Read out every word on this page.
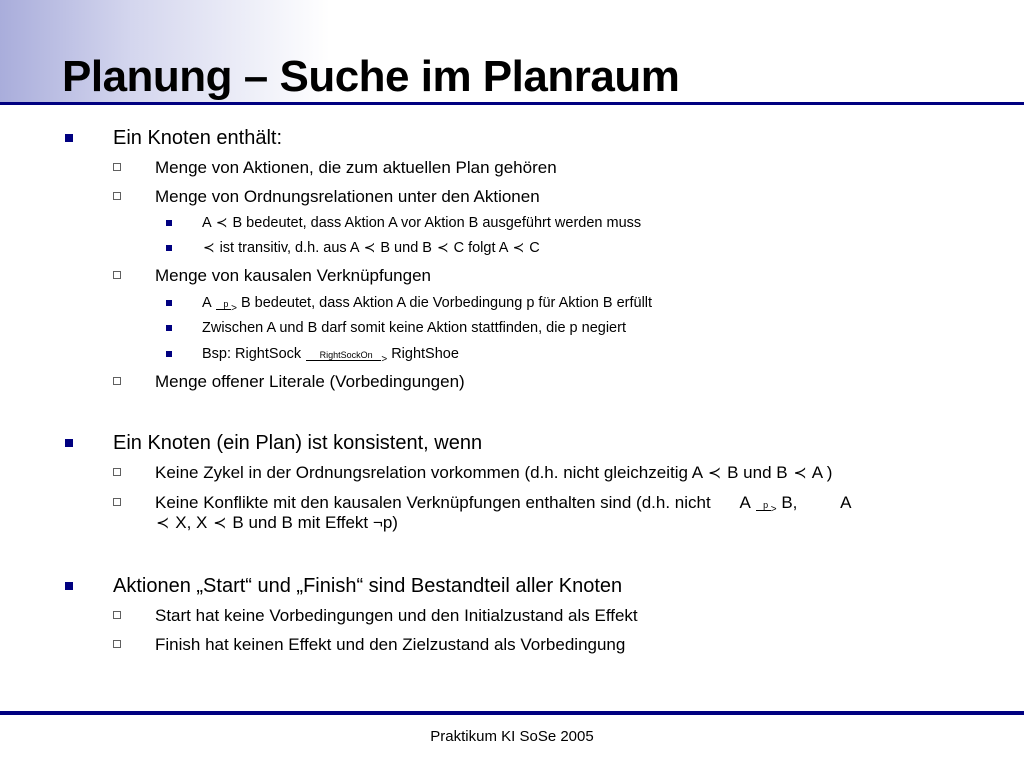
Planung – Suche im Planraum
Ein Knoten enthält:
Menge von Aktionen, die zum aktuellen Plan gehören
Menge von Ordnungsrelationen unter den Aktionen
A ≺ B bedeutet, dass Aktion A vor Aktion B ausgeführt werden muss
≺ ist transitiv, d.h. aus A ≺ B und B ≺ C folgt A ≺ C
Menge von kausalen Verknüpfungen
A	p > B bedeutet, dass Aktion A die Vorbedingung p für Aktion B erfüllt
Zwischen A und B darf somit keine Aktion stattfinden, die p negiert
Bsp: RightSock	RightSockOn > RightShoe
Menge offener Literale (Vorbedingungen)
Ein Knoten (ein Plan) ist konsistent, wenn
Keine Zykel in der Ordnungsrelation vorkommen (d.h. nicht gleichzeitig A ≺ B und B ≺ A )
Keine Konflikte mit den kausalen Verknüpfungen enthalten sind (d.h. nicht A	p > B,	A
≺ X, X ≺ B und B mit Effekt ¬p)
Aktionen „Start“ und „Finish“ sind Bestandteil aller Knoten
Start hat keine Vorbedingungen und den Initialzustand als Effekt
Finish hat keinen Effekt und den Zielzustand als Vorbedingung
Praktikum KI SoSe 2005
